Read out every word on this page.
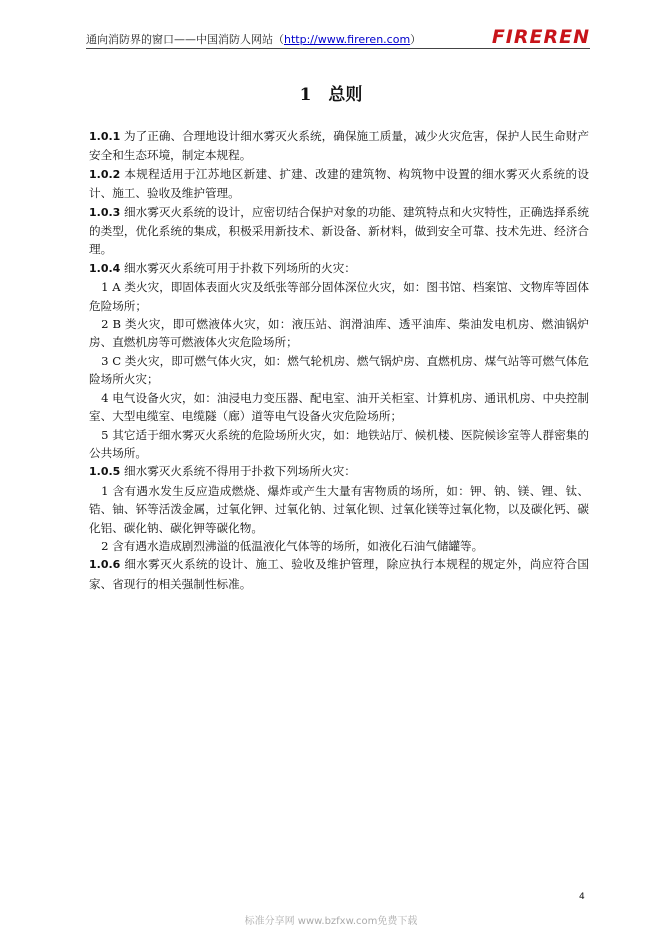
通向消防界的窗口——中国消防人网站（http://www.fireren.com）	FIREREN
1　总则

1.0.1 为了正确、合理地设计细水雾灭火系统，确保施工质量，减少火灾危害，保护人民生命财产安全和生态环境，制定本规程。

1.0.2 本规程适用于江苏地区新建、扩建、改建的建筑物、构筑物中设置的细水雾灭火系统的设计、施工、验收及维护管理。

1.0.3 细水雾灭火系统的设计，应密切结合保护对象的功能、建筑特点和火灾特性，正确选择系统的类型，优化系统的集成，积极采用新技术、新设备、新材料，做到安全可靠、技术先进、经济合理。

1.0.4 细水雾灭火系统可用于扑救下列场所的火灾：

1 A 类火灾，即固体表面火灾及纸张等部分固体深位火灾，如：图书馆、档案馆、文物库等固体危险场所；

2 B 类火灾，即可燃液体火灾，如：液压站、润滑油库、透平油库、柴油发电机房、燃油锅炉房、直燃机房等可燃液体火灾危险场所；

3 C 类火灾，即可燃气体火灾，如：燃气轮机房、燃气锅炉房、直燃机房、煤气站等可燃气体危险场所火灾；

4 电气设备火灾，如：油浸电力变压器、配电室、油开关柜室、计算机房、通讯机房、中央控制室、大型电缆室、电缆隧（廊）道等电气设备火灾危险场所；

5 其它适于细水雾灭火系统的危险场所火灾，如：地铁站厅、候机楼、医院候诊室等人群密集的公共场所。

1.0.5 细水雾灭火系统不得用于扑救下列场所火灾：

1 含有遇水发生反应造成燃烧、爆炸或产生大量有害物质的场所，如：钾、钠、镁、锂、钛、锆、铀、钚等活泼金属，过氧化钾、过氧化钠、过氧化钡、过氧化镁等过氧化物，以及碳化钙、碳化铝、碳化钠、碳化钾等碳化物。

2 含有遇水造成剧烈沸溢的低温液化气体等的场所，如液化石油气储罐等。

1.0.6 细水雾灭火系统的设计、施工、验收及维护管理，除应执行本规程的规定外，尚应符合国家、省现行的相关强制性标准。

4
标准分享网 www.bzfxw.com免费下载
